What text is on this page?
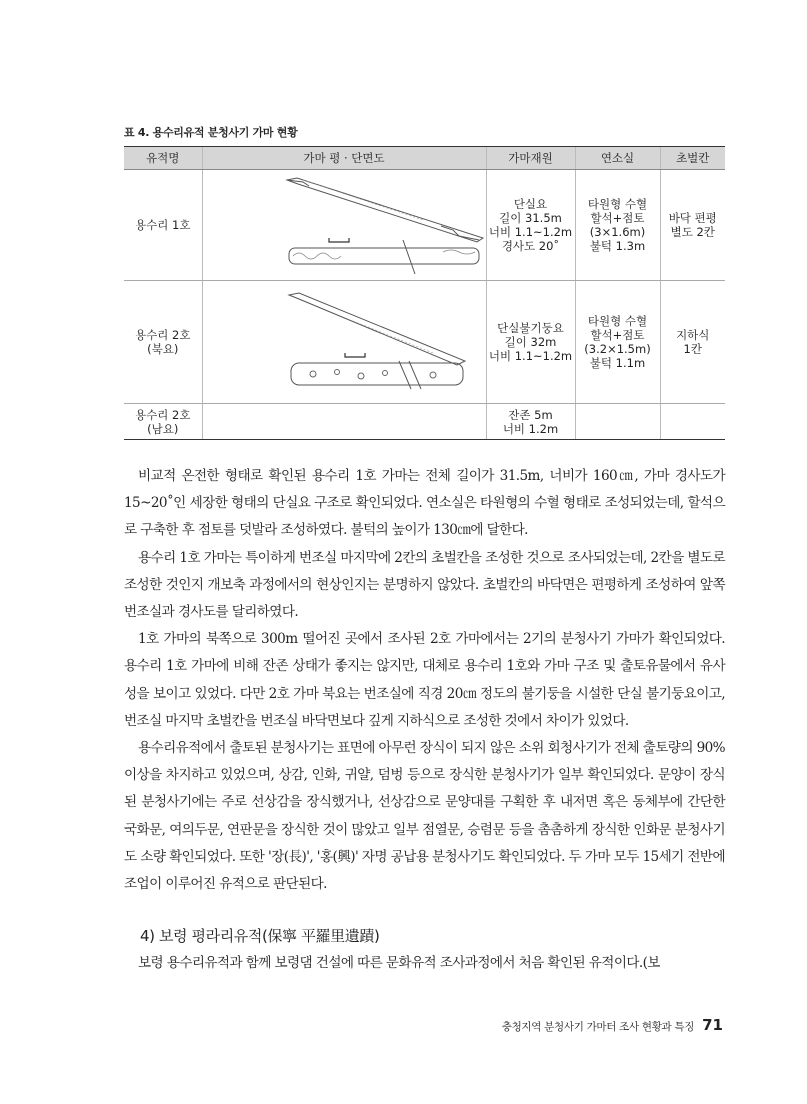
표 4. 용수리유적 분청사기 가마 현황
유적명	가마 평 · 단면도	가마재원	연소실	초벌칸
용수리 1호		단실요
길이 31.5m
너비 1.1~1.2m
경사도 20˚	타원형 수혈
할석+점토
(3×1.6m)
불턱 1.3m	바닥 편평
별도 2칸
용수리 2호
(북요)		단실불기둥요
길이 32m
너비 1.1~1.2m	타원형 수혈
할석+점토
(3.2×1.5m)
불턱 1.1m	지하식
1칸
용수리 2호
(남요)		잔존 5m
너비 1.2m		

비교적 온전한 형태로 확인된 용수리 1호 가마는 전체 길이가 31.5m, 너비가 160㎝, 가마 경사도가 15~20˚인 세장한 형태의 단실요 구조로 확인되었다. 연소실은 타원형의 수혈 형태로 조성되었는데, 할석으로 구축한 후 점토를 덧발라 조성하였다. 불턱의 높이가 130㎝에 달한다.

용수리 1호 가마는 특이하게 번조실 마지막에 2칸의 초벌칸을 조성한 것으로 조사되었는데, 2칸을 별도로 조성한 것인지 개보축 과정에서의 현상인지는 분명하지 않았다. 초벌칸의 바닥면은 편평하게 조성하여 앞쪽 번조실과 경사도를 달리하였다.

1호 가마의 북쪽으로 300m 떨어진 곳에서 조사된 2호 가마에서는 2기의 분청사기 가마가 확인되었다. 용수리 1호 가마에 비해 잔존 상태가 좋지는 않지만, 대체로 용수리 1호와 가마 구조 및 출토유물에서 유사성을 보이고 있었다. 다만 2호 가마 북요는 번조실에 직경 20㎝ 정도의 불기둥을 시설한 단실 불기둥요이고, 번조실 마지막 초벌칸을 번조실 바닥면보다 깊게 지하식으로 조성한 것에서 차이가 있었다.

용수리유적에서 출토된 분청사기는 표면에 아무런 장식이 되지 않은 소위 회청사기가 전체 출토량의 90% 이상을 차지하고 있었으며, 상감, 인화, 귀얄, 덤벙 등으로 장식한 분청사기가 일부 확인되었다. 문양이 장식된 분청사기에는 주로 선상감을 장식했거나, 선상감으로 문양대를 구획한 후 내저면 혹은 동체부에 간단한 국화문, 여의두문, 연판문을 장식한 것이 많았고 일부 점열문, 승렴문 등을 촘촘하게 장식한 인화문 분청사기도 소량 확인되었다. 또한 '장(長)', '홍(興)' 자명 공납용 분청사기도 확인되었다. 두 가마 모두 15세기 전반에 조업이 이루어진 유적으로 판단된다.

4) 보령 평라리유적(保寧 平羅里遺蹟)
보령 용수리유적과 함께 보령댐 건설에 따른 문화유적 조사과정에서 처음 확인된 유적이다.(보
충청지역 분청사기 가마터 조사 현황과 특징 71
